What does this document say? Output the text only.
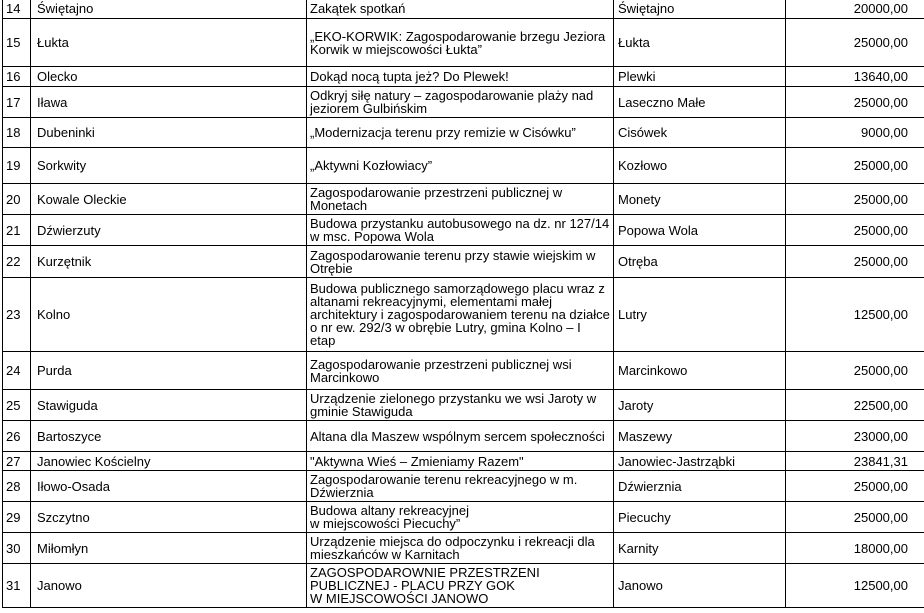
14	Świętajno	Zakątek spotkań	Świętajno	20000,00
15	Łukta	„EKO-KORWIK: Zagospodarowanie brzegu Jeziora
Korwik w miejscowości Łukta”	Łukta	25000,00
16	Olecko	Dokąd nocą tupta jeż? Do Plewek!	Plewki	13640,00
17	Iława	Odkryj siłę natury – zagospodarowanie plaży nad
jeziorem Gulbińskim	Laseczno Małe	25000,00
18	Dubeninki	„Modernizacja terenu przy remizie w Cisówku”	Cisówek	9000,00
19	Sorkwity	„Aktywni Kozłowiacy”	Kozłowo	25000,00
20	Kowale Oleckie	Zagospodarowanie przestrzeni publicznej w
Monetach	Monety	25000,00
21	Dźwierzuty	Budowa przystanku autobusowego na dz. nr 127/14
w msc. Popowa Wola	Popowa Wola	25000,00
22	Kurzętnik	Zagospodarowanie terenu przy stawie wiejskim w
Otrębie	Otręba	25000,00
23	Kolno	Budowa publicznego samorządowego placu wraz z
altanami rekreacyjnymi, elementami małej
architektury i zagospodarowaniem terenu na działce
o nr ew. 292/3 w obrębie Lutry, gmina Kolno – I
etap	Lutry	12500,00
24	Purda	Zagospodarowanie przestrzeni publicznej wsi
Marcinkowo	Marcinkowo	25000,00
25	Stawiguda	Urządzenie zielonego przystanku we wsi Jaroty w
gminie Stawiguda	Jaroty	22500,00
26	Bartoszyce	Altana dla Maszew wspólnym sercem społeczności	Maszewy	23000,00
27	Janowiec Kościelny	"Aktywna Wieś – Zmieniamy Razem"	Janowiec-Jastrząbki	23841,31
28	Iłowo-Osada	Zagospodarowanie terenu rekreacyjnego w m.
Dźwierznia	Dźwierznia	25000,00
29	Szczytno	Budowa altany rekreacyjnej
w miejscowości Piecuchy”	Piecuchy	25000,00
30	Miłomłyn	Urządzenie miejsca do odpoczynku i rekreacji dla
mieszkańców w Karnitach	Karnity	18000,00
31	Janowo	ZAGOSPODAROWNIE PRZESTRZENI
PUBLICZNEJ - PLACU PRZY GOK
W MIEJSCOWOŚCI JANOWO	Janowo	12500,00
